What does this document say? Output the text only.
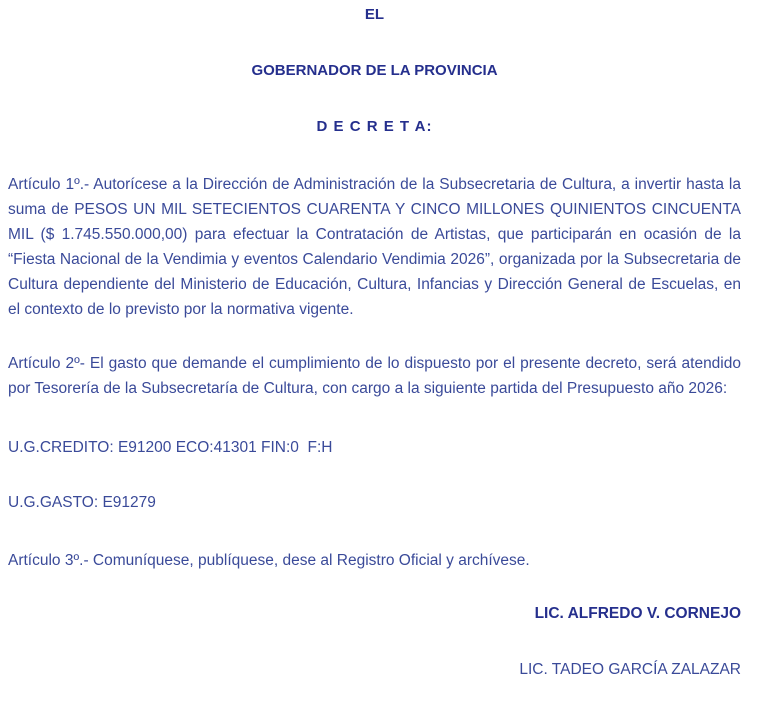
EL
GOBERNADOR DE LA PROVINCIA
D E C R E T A:

Artículo 1º.- Autorícese a la Dirección de Administración de la Subsecretaria de Cultura, a invertir hasta la suma de PESOS UN MIL SETECIENTOS CUARENTA Y CINCO MILLONES QUINIENTOS CINCUENTA MIL ($ 1.745.550.000,00) para efectuar la Contratación de Artistas, que participarán en ocasión de la “Fiesta Nacional de la Vendimia y eventos Calendario Vendimia 2026”, organizada por la Subsecretaria de Cultura dependiente del Ministerio de Educación, Cultura, Infancias y Dirección General de Escuelas, en el contexto de lo previsto por la normativa vigente.

Artículo 2º- El gasto que demande el cumplimiento de lo dispuesto por el presente decreto, será atendido por Tesorería de la Subsecretaría de Cultura, con cargo a la siguiente partida del Presupuesto año 2026:

U.G.CREDITO: E91200 ECO:41301 FIN:0  F:H
U.G.GASTO: E91279
Artículo 3º.- Comuníquese, publíquese, dese al Registro Oficial y archívese.
LIC. ALFREDO V. CORNEJO
LIC. TADEO GARCÍA ZALAZAR
